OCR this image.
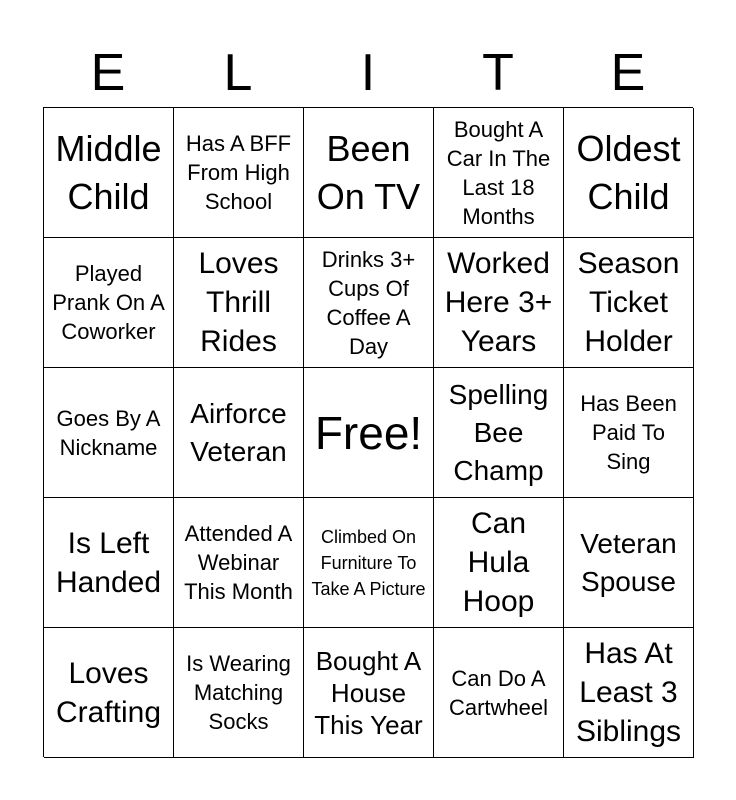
E	L	I	T	E
Middle Child
Has A BFF From High School
Been On TV
Bought A Car In The Last 18 Months
Oldest Child
Played Prank On A Coworker
Loves Thrill Rides
Drinks 3+ Cups Of Coffee A Day
Worked Here 3+ Years
Season Ticket Holder
Goes By A Nickname
Airforce Veteran Free!
Spelling Bee Champ
Has Been Paid To Sing
Is Left Handed
Attended A Webinar This Month
Climbed On Furniture To Take A Picture
Can Hula Hoop
Veteran Spouse
Loves Crafting
Is Wearing Matching Socks
Bought A House This Year
Can Do A Cartwheel
Has At Least 3 Siblings
